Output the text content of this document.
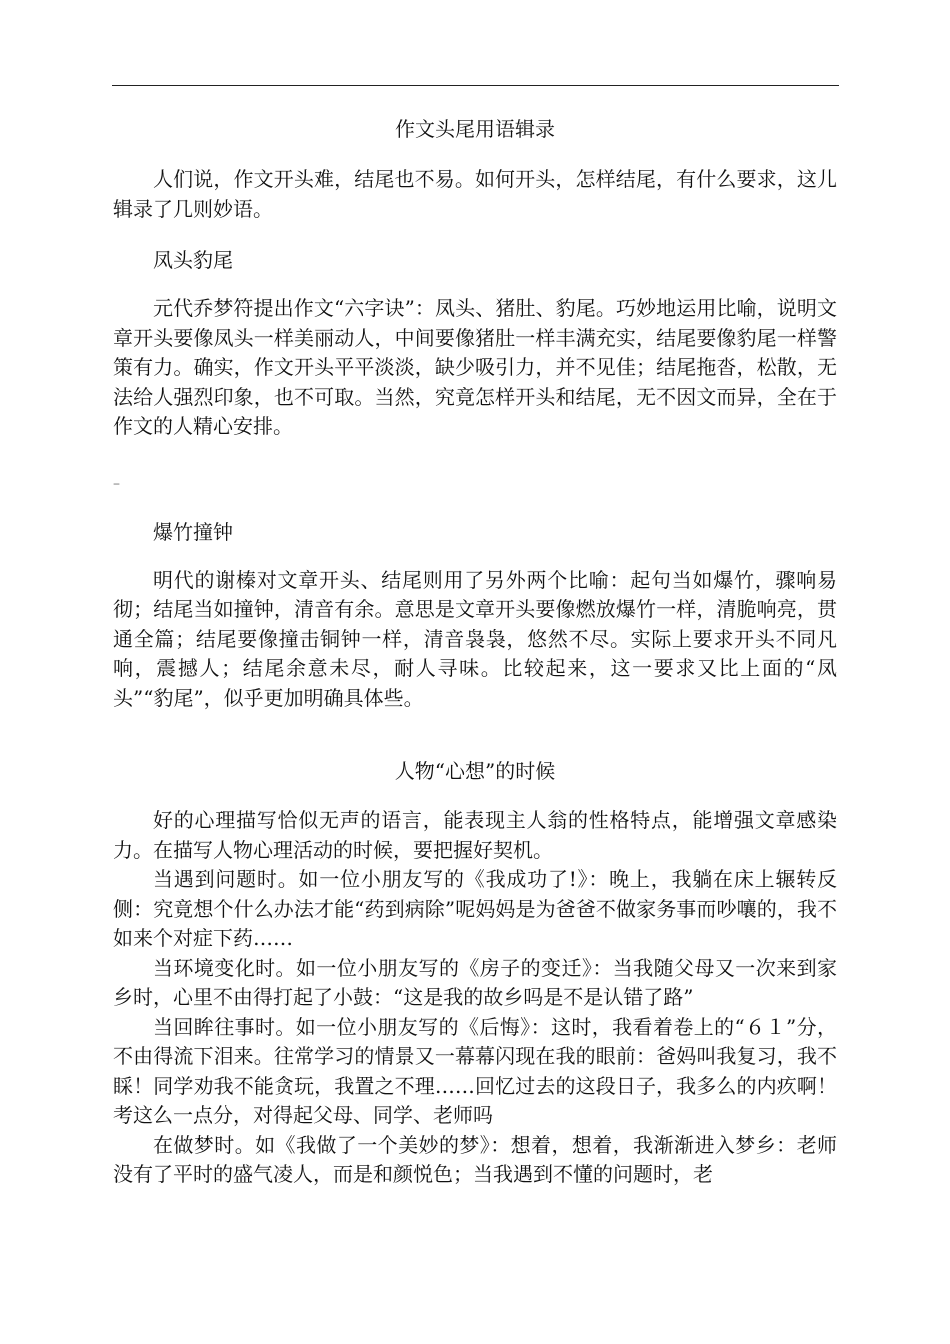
作文头尾用语辑录

人们说，作文开头难，结尾也不易。如何开头，怎样结尾，有什么要求，这儿辑录了几则妙语。

凤头豹尾

元代乔梦符提出作文“六字诀”：凤头、猪肚、豹尾。巧妙地运用比喻，说明文章开头要像凤头一样美丽动人，中间要像猪肚一样丰满充实，结尾要像豹尾一样警策有力。确实，作文开头平平淡淡，缺少吸引力，并不见佳；结尾拖沓，松散，无法给人强烈印象，也不可取。当然，究竟怎样开头和结尾，无不因文而异，全在于作文的人精心安排。

–

爆竹撞钟

明代的谢榛对文章开头、结尾则用了另外两个比喻：起句当如爆竹，骤响易彻；结尾当如撞钟，清音有余。意思是文章开头要像燃放爆竹一样，清脆响亮，贯通全篇；结尾要像撞击铜钟一样，清音袅袅，悠然不尽。实际上要求开头不同凡响，震撼人；结尾余意未尽，耐人寻味。比较起来，这一要求又比上面的“凤头”“豹尾”，似乎更加明确具体些。

人物“心想”的时候

好的心理描写恰似无声的语言，能表现主人翁的性格特点，能增强文章感染力。在描写人物心理活动的时候，要把握好契机。

当遇到问题时。如一位小朋友写的《我成功了!》：晚上，我躺在床上辗转反侧：究竟想个什么办法才能“药到病除”呢妈妈是为爸爸不做家务事而吵嚷的，我不如来个对症下药……

当环境变化时。如一位小朋友写的《房子的变迁》：当我随父母又一次来到家乡时，心里不由得打起了小鼓：“这是我的故乡吗是不是认错了路”

当回眸往事时。如一位小朋友写的《后悔》：这时，我看着卷上的“６１”分，不由得流下泪来。往常学习的情景又一幕幕闪现在我的眼前：爸妈叫我复习，我不睬！同学劝我不能贪玩，我置之不理……回忆过去的这段日子，我多么的内疚啊！考这么一点分，对得起父母、同学、老师吗

在做梦时。如《我做了一个美妙的梦》：想着，想着，我渐渐进入梦乡：老师没有了平时的盛气凌人，而是和颜悦色；当我遇到不懂的问题时，老
